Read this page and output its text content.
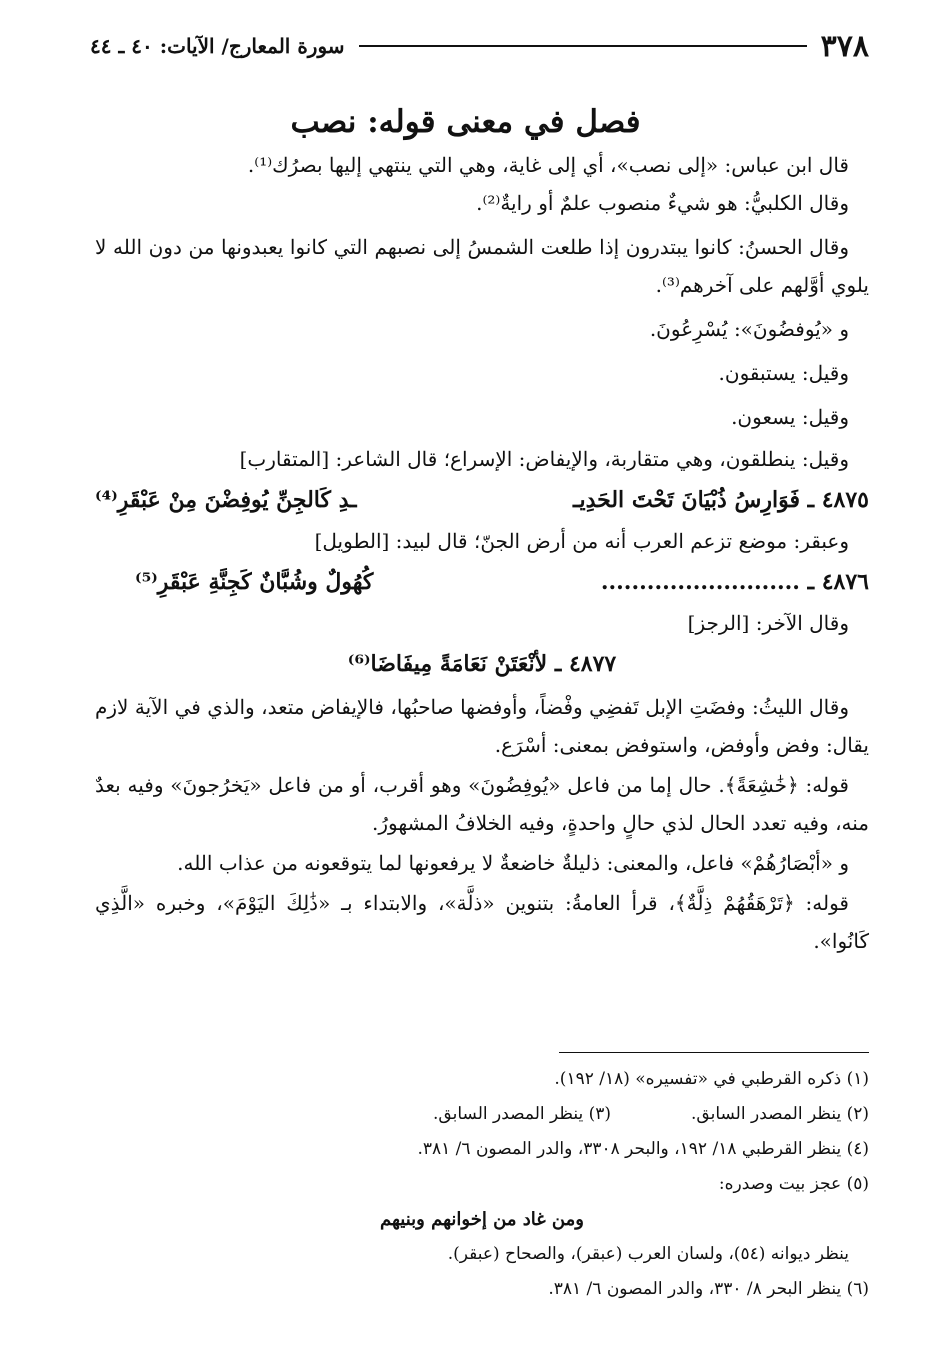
٣٧٨
سورة المعارج/ الآيات: ٤٠ ـ ٤٤
فصل في معنى قوله: نصب

قال ابن عباس: «إلى نصب»، أي إلى غاية، وهي التي ينتهي إليها بصرُك⁽¹⁾.

وقال الكلبيُّ: هو شيءٌ منصوب علمٌ أو رايةٌ⁽²⁾.

وقال الحسنُ: كانوا يبتدرون إذا طلعت الشمسُ إلى نصبهم التي كانوا يعبدونها من دون الله لا يلوي أوَّلهم على آخرهم⁽³⁾.

و «يُوفضُونَ»: يُسْرِعُونَ.

وقيل: يستبقون.

وقيل: يسعون.

وقيل: ينطلقون، وهي متقاربة، والإيفاض: الإسراع؛ قال الشاعر: [المتقارب]

٤٨٧٥ ـ فَوَارِسُ ذُبْيَانَ تَحْتَ الحَدِيـ
ـدِ كَالجِنِّ يُوفِضْنَ مِنْ عَبْقَرِ⁽⁴⁾

وعبقر: موضع تزعم العرب أنه من أرض الجنّ؛ قال لبيد: [الطويل]

٤٨٧٦ ـ ..........................
كُهُولٌ وشُبَّانٌ كَجِنَّةِ عَبْقَرِ⁽⁵⁾

وقال الآخر: [الرجز]

٤٨٧٧ ـ لأنْعَتَنْ نَعَامَةً مِيفَاضَا⁽⁶⁾

وقال الليثُ: وفضَتِ الإبل تَفضِي وفْضاً، وأوفضها صاحبُها، فالإيفاض متعد، والذي في الآية لازم يقال: وفض وأوفض، واستوفض بمعنى: أسْرَع.

قوله: ﴿خَٰشِعَةً﴾. حال إما من فاعل «يُوفِضُونَ» وهو أقرب، أو من فاعل «يَخرُجونَ» وفيه بعدٌ منه، وفيه تعدد الحال لذي حالٍ واحدةٍ، وفيه الخلافُ المشهورُ.

و «أبْصَارُهُمْ» فاعل، والمعنى: ذليلةٌ خاضعةٌ لا يرفعونها لما يتوقعونه من عذاب الله.

قوله: ﴿تَرْهَقُهُمْ ذِلَّةٌ﴾، قرأ العامةُ: بتنوين «ذلَّة»، والابتداء بـ «ذَٰلِكَ اليَوْمَ»، وخبره «الَّذِي كَانُوا».

(١) ذكره القرطبي في «تفسيره» (١٨/ ١٩٢).
(٢) ينظر المصدر السابق.
(٣) ينظر المصدر السابق.
(٤) ينظر القرطبي ١٨/ ١٩٢، والبحر ٣٣٠٨، والدر المصون ٦/ ٣٨١.
(٥) عجز بيت وصدره:
ومن غاد من إخوانهم وبنيهم
ينظر ديوانه (٥٤)، ولسان العرب (عبقر)، والصحاح (عبقر).
(٦) ينظر البحر ٨/ ٣٣٠، والدر المصون ٦/ ٣٨١.
